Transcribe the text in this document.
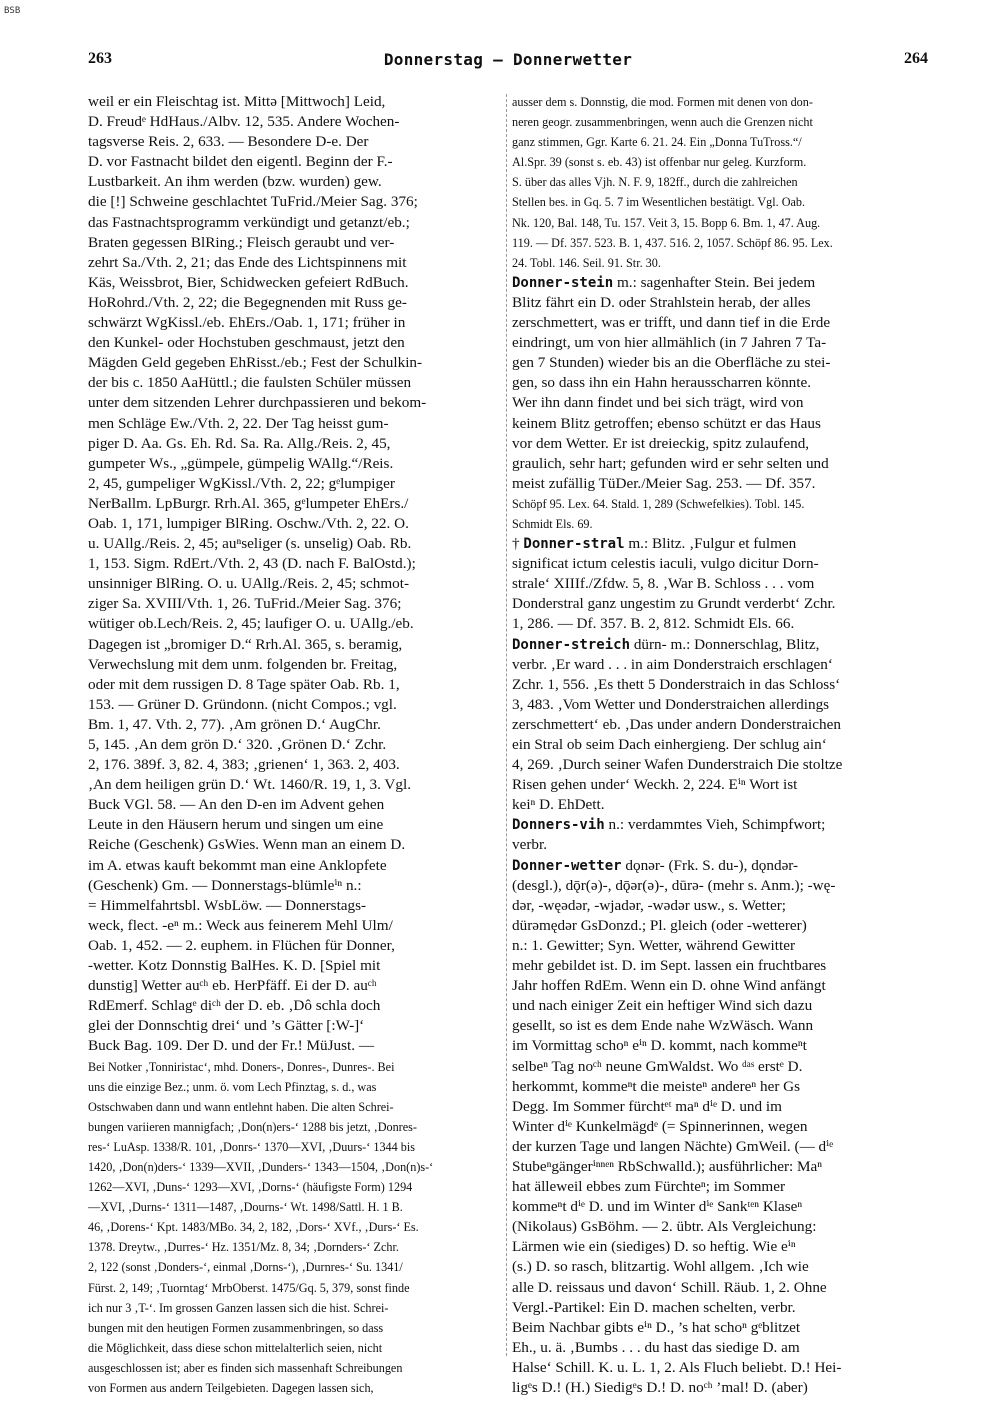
BSB
263	Donnerstag — Donnerwetter	264
weil er ein Fleischtag ist. Mittə [Mittwoch] Leid,
D. Freudᵉ HdHaus./Albv. 12, 535. Andere Wochen-
tagsverse Reis. 2, 633. — Besondere D-e. Der
D. vor Fastnacht bildet den eigentl. Beginn der F.-
Lustbarkeit. An ihm werden (bzw. wurden) gew.
die [!] Schweine geschlachtet TuFrid./Meier Sag. 376;
das Fastnachtsprogramm verkündigt und getanzt/eb.;
Braten gegessen BlRing.; Fleisch geraubt und ver-
zehrt Sa./Vth. 2, 21; das Ende des Lichtspinnens mit
Käs, Weissbrot, Bier, Schidwecken gefeiert RdBuch.
HoRohrd./Vth. 2, 22; die Begegnenden mit Russ ge-
schwärzt WgKissl./eb. EhErs./Oab. 1, 171; früher in
den Kunkel- oder Hochstuben geschmaust, jetzt den
Mägden Geld gegeben EhRisst./eb.; Fest der Schulkin-
der bis c. 1850 AaHüttl.; die faulsten Schüler müssen
unter dem sitzenden Lehrer durchpassieren und bekom-
men Schläge Ew./Vth. 2, 22. Der Tag heisst gum-
piger D. Aa. Gs. Eh. Rd. Sa. Ra. Allg./Reis. 2, 45,
gumpeter Ws., „gümpele, gümpelig WAllg.“/Reis.
2, 45, gumpeliger WgKissl./Vth. 2, 22; gᵉlumpiger
NerBallm. LpBurgr. Rrh.Al. 365, gᵉlumpeter EhErs./
Oab. 1, 171, lumpiger BlRing. Oschw./Vth. 2, 22. O.
u. UAllg./Reis. 2, 45; auⁿseliger (s. unselig) Oab. Rb.
1, 153. Sigm. RdErt./Vth. 2, 43 (D. nach F. BalOstd.);
unsinniger BlRing. O. u. UAllg./Reis. 2, 45; schmot-
ziger Sa. XVIII/Vth. 1, 26. TuFrid./Meier Sag. 376;
wütiger ob.Lech/Reis. 2, 45; laufiger O. u. UAllg./eb.
Dagegen ist „bromiger D.“ Rrh.Al. 365, s. beramig,
Verwechslung mit dem unm. folgenden br. Freitag,
oder mit dem russigen D. 8 Tage später Oab. Rb. 1,
153. — Grüner D. Gründonn. (nicht Compos.; vgl.
Bm. 1, 47. Vth. 2, 77). ‚Am grönen D.‘ AugChr.
5, 145. ‚An dem grön D.‘ 320. ‚Grönen D.‘ Zchr.
2, 176. 389f. 3, 82. 4, 383; ‚grienen‘ 1, 363. 2, 403.
‚An dem heiligen grün D.‘ Wt. 1460/R. 19, 1, 3. Vgl.
Buck VGl. 58. — An den D-en im Advent gehen
Leute in den Häusern herum und singen um eine
Reiche (Geschenk) GsWies. Wenn man an einem D.
im A. etwas kauft bekommt man eine Anklopfete
(Geschenk) Gm. — Donnerstags-blümleⁱⁿ n.:
= Himmelfahrtsbl. WsbLöw. — Donnerstags-
weck, flect. -eⁿ m.: Weck aus feinerem Mehl Ulm/
Oab. 1, 452. — 2. euphem. in Flüchen für Donner,
-wetter. Kotz Donnstig BalHes. K. D. [Spiel mit
dunstig] Wetter auᶜʰ eb. HerPfäff. Ei der D. auᶜʰ
RdEmerf. Schlagᵉ diᶜʰ der D. eb. ‚Dô schla doch
glei der Donnschtig drei‘ und ’s Gätter [:W-]‘
Buck Bag. 109. Der D. und der Fr.! MüJust. —
Bei Notker ‚Tonniristac‘, mhd. Doners-, Donres-, Dunres-. Bei
uns die einzige Bez.; unm. ö. vom Lech Pfinztag, s. d., was
Ostschwaben dann und wann entlehnt haben. Die alten Schrei-
bungen variieren mannigfach; ‚Don(n)ers-‘ 1288 bis jetzt, ‚Donres-
res-‘ LuAsp. 1338/R. 101, ‚Donrs-‘ 1370—XVI, ‚Duurs-‘ 1344 bis
1420, ‚Don(n)ders-‘ 1339—XVII, ‚Dunders-‘ 1343—1504, ‚Don(n)s-‘
1262—XVI, ‚Duns-‘ 1293—XVI, ‚Dorns-‘ (häufigste Form) 1294
—XVI, ‚Durns-‘ 1311—1487, ‚Dourns-‘ Wt. 1498/Sattl. H. 1 B.
46, ‚Dorens-‘ Kpt. 1483/MBo. 34, 2, 182, ‚Dors-‘ XVf., ‚Durs-‘ Es.
1378. Dreytw., ‚Durres-‘ Hz. 1351/Mz. 8, 34; ‚Dornders-‘ Zchr.
2, 122 (sonst ‚Donders-‘, einmal ‚Dorns-‘), ‚Durnres-‘ Su. 1341/
Fürst. 2, 149; ‚Tuorntag‘ MrbOberst. 1475/Gq. 5, 379, sonst finde
ich nur 3 ‚T-‘. Im grossen Ganzen lassen sich die hist. Schrei-
bungen mit den heutigen Formen zusammenbringen, so dass
die Möglichkeit, dass diese schon mittelalterlich seien, nicht
ausgeschlossen ist; aber es finden sich massenhaft Schreibungen
von Formen aus andern Teilgebieten. Dagegen lassen sich,
ausser dem s. Donnstig, die mod. Formen mit denen von don-
neren geogr. zusammenbringen, wenn auch die Grenzen nicht
ganz stimmen, Ggr. Karte 6. 21. 24. Ein „Donna TuTross.“/
Al.Spr. 39 (sonst s. eb. 43) ist offenbar nur geleg. Kurzform.
S. über das alles Vjh. N. F. 9, 182ff., durch die zahlreichen
Stellen bes. in Gq. 5. 7 im Wesentlichen bestätigt. Vgl. Oab.
Nk. 120, Bal. 148, Tu. 157. Veit 3, 15. Bopp 6. Bm. 1, 47. Aug.
119. — Df. 357. 523. B. 1, 437. 516. 2, 1057. Schöpf 86. 95. Lex.
24. Tobl. 146. Seil. 91. Str. 30.
Donner-stein m.: sagenhafter Stein. Bei jedem
Blitz fährt ein D. oder Strahlstein herab, der alles
zerschmettert, was er trifft, und dann tief in die Erde
eindringt, um von hier allmählich (in 7 Jahren 7 Ta-
gen 7 Stunden) wieder bis an die Oberfläche zu stei-
gen, so dass ihn ein Hahn herausscharren könnte.
Wer ihn dann findet und bei sich trägt, wird von
keinem Blitz getroffen; ebenso schützt er das Haus
vor dem Wetter. Er ist dreieckig, spitz zulaufend,
graulich, sehr hart; gefunden wird er sehr selten und
meist zufällig TüDer./Meier Sag. 253. — Df. 357.
Schöpf 95. Lex. 64. Stald. 1, 289 (Schwefelkies). Tobl. 145.
Schmidt Els. 69.
† Donner-stral m.: Blitz. ‚Fulgur et fulmen
significat ictum celestis iaculi, vulgo dicitur Dorn-
strale‘ XIIIf./Zfdw. 5, 8. ‚War B. Schloss . . . vom
Donderstral ganz ungestim zu Grundt verderbt‘ Zchr.
1, 286. — Df. 357. B. 2, 812. Schmidt Els. 66.
Donner-streich dürn- m.: Donnerschlag, Blitz,
verbr. ‚Er ward . . . in aim Donderstraich erschlagen‘
Zchr. 1, 556. ‚Es thett 5 Donderstraich in das Schloss‘
3, 483. ‚Vom Wetter und Donderstraichen allerdings
zerschmettert‘ eb. ‚Das under andern Donderstraichen
ein Stral ob seim Dach einhergieng. Der schlug ain‘
4, 269. ‚Durch seiner Wafen Dunderstraich Die stoltze
Risen gehen under‘ Weckh. 2, 224. Eⁱⁿ Wort ist
keiⁿ D. EhDett.
Donners-vih n.: verdammtes Vieh, Schimpfwort;
verbr.
Donner-wetter dǫnər- (Frk. S. du-), dǫndər-
(desgl.), dǭr(ə)-, dǭər(ə)-, dūrə- (mehr s. Anm.); -wę-
dər, -węədər, -wjadər, -wədər usw., s. Wetter;
dürəmędər GsDonzd.; Pl. gleich (oder -wetterer)
n.: 1. Gewitter; Syn. Wetter, während Gewitter
mehr gebildet ist. D. im Sept. lassen ein fruchtbares
Jahr hoffen RdEm. Wenn ein D. ohne Wind anfängt
und nach einiger Zeit ein heftiger Wind sich dazu
gesellt, so ist es dem Ende nahe WzWäsch. Wann
im Vormittag schoⁿ eⁱⁿ D. kommt, nach kommeⁿt
selbeⁿ Tag noᶜʰ neune GmWaldst. Wo ᵈᵃˢ erstᵉ D.
herkommt, kommeⁿt die meisteⁿ andereⁿ her Gs
Degg. Im Sommer fürchtᵉᵗ maⁿ dⁱᵉ D. und im
Winter dⁱᵉ Kunkelmägdᵉ (= Spinnerinnen, wegen
der kurzen Tage und langen Nächte) GmWeil. (— dⁱᵉ
Stubeⁿgängerⁱⁿⁿᵉⁿ RbSchwalld.); ausführlicher: Maⁿ
hat älleweil ebbes zum Fürchteⁿ; im Sommer
kommeⁿt dⁱᵉ D. und im Winter dⁱᵉ Sankᵗᵉⁿ Klaseⁿ
(Nikolaus) GsBöhm. — 2. übtr. Als Vergleichung:
Lärmen wie ein (siediges) D. so heftig. Wie eⁱⁿ
(s.) D. so rasch, blitzartig. Wohl allgem. ‚Ich wie
alle D. reissaus und davon‘ Schill. Räub. 1, 2. Ohne
Vergl.-Partikel: Ein D. machen schelten, verbr.
Beim Nachbar gibts eⁱⁿ D., ’s hat schoⁿ gᵉblitzet
Eh., u. ä. ‚Bumbs . . . du hast das siedige D. am
Halse‘ Schill. K. u. L. 1, 2. Als Fluch beliebt. D.! Hei-
ligᵉs D.! (H.) Siedigᵉs D.! D. noᶜʰ ’mal! D. (aber)
